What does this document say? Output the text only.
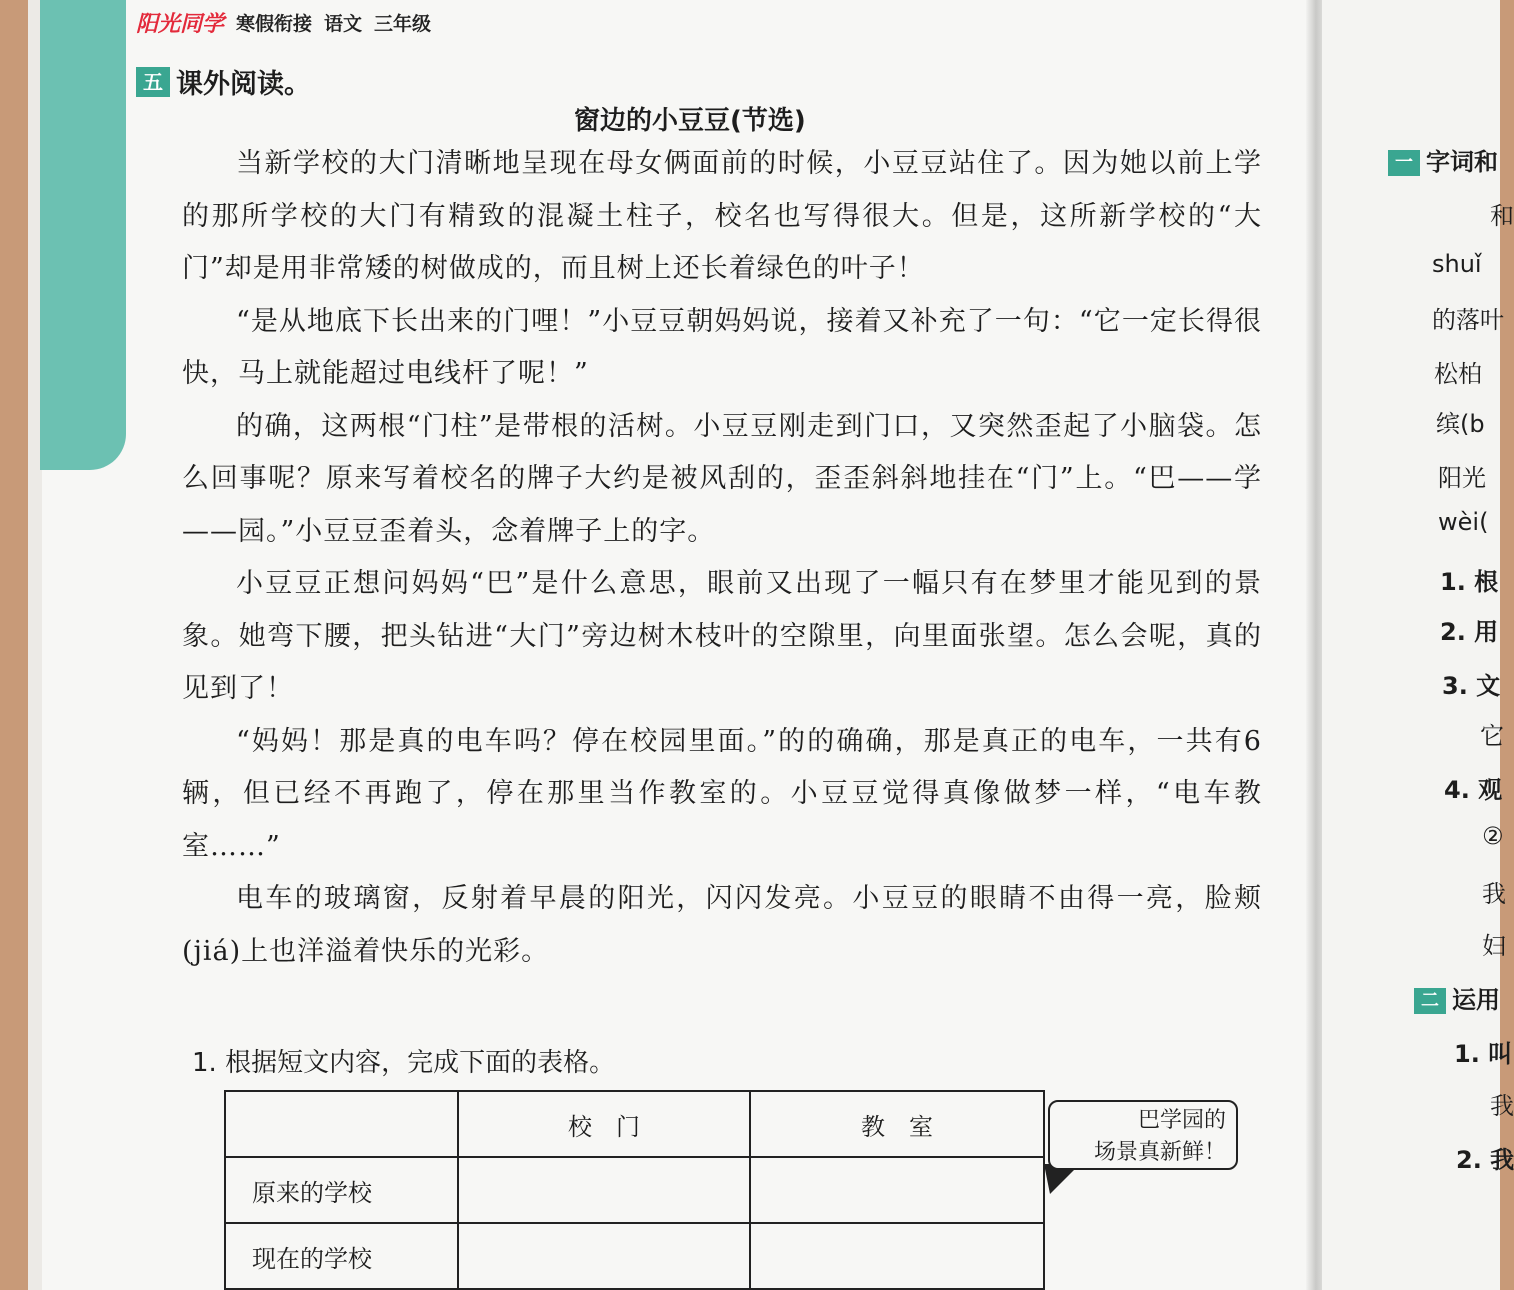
阳光同学 寒假衔接 语文 三年级
五 课外阅读。
窗边的小豆豆(节选)

当新学校的大门清晰地呈现在母女俩面前的时候，小豆豆站住了。因为她以前上学的那所学校的大门有精致的混凝土柱子，校名也写得很大。但是，这所新学校的“大门”却是用非常矮的树做成的，而且树上还长着绿色的叶子！

“是从地底下长出来的门哩！”小豆豆朝妈妈说，接着又补充了一句：“它一定长得很快，马上就能超过电线杆了呢！”

的确，这两根“门柱”是带根的活树。小豆豆刚走到门口，又突然歪起了小脑袋。怎么回事呢？原来写着校名的牌子大约是被风刮的，歪歪斜斜地挂在“门”上。“巴——学——园。”小豆豆歪着头，念着牌子上的字。

小豆豆正想问妈妈“巴”是什么意思，眼前又出现了一幅只有在梦里才能见到的景象。她弯下腰，把头钻进“大门”旁边树木枝叶的空隙里，向里面张望。怎么会呢，真的见到了！

“妈妈！那是真的电车吗？停在校园里面。”的的确确，那是真正的电车，一共有6辆，但已经不再跑了，停在那里当作教室的。小豆豆觉得真像做梦一样，“电车教室……”

电车的玻璃窗，反射着早晨的阳光，闪闪发亮。小豆豆的眼睛不由得一亮，脸颊(jiá)上也洋溢着快乐的光彩。

1. 根据短文内容，完成下面的表格。
	校　门	教　室
原来的学校		
现在的学校		
巴学园的
场景真新鲜！
一 字词和
和
shuǐ
的落叶
松柏
缤(b
阳光
wèi(
1. 根
2. 用
3. 文
它
4. 观
②
我
妇
二 运用
1. 叫
我
2. 我
